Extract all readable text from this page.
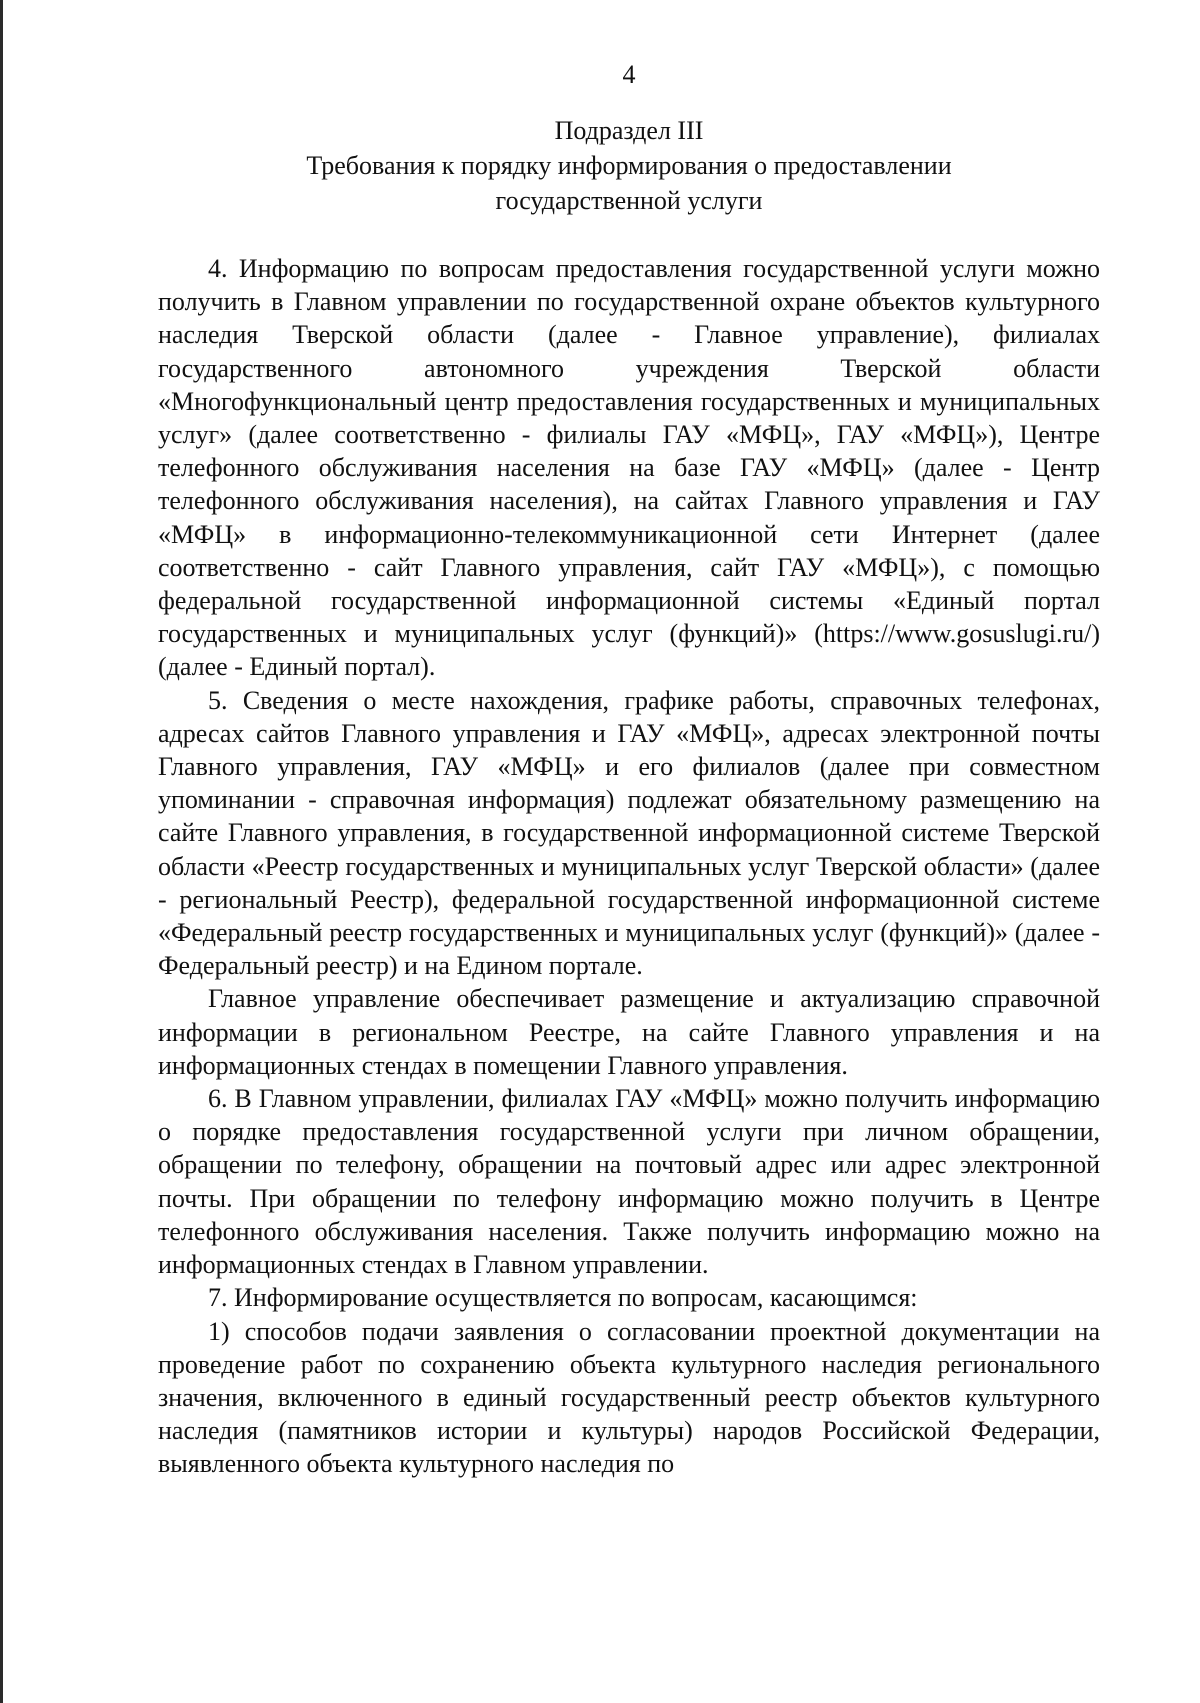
4
Подраздел III
Требования к порядку информирования о предоставлении
государственной услуги

4. Информацию по вопросам предоставления государственной услуги можно получить в Главном управлении по государственной охране объектов культурного наследия Тверской области (далее - Главное управление), филиалах государственного автономного учреждения Тверской области «Многофункциональный центр предоставления государственных и муниципальных услуг» (далее соответственно - филиалы ГАУ «МФЦ», ГАУ «МФЦ»), Центре телефонного обслуживания населения на базе ГАУ «МФЦ» (далее - Центр телефонного обслуживания населения), на сайтах Главного управления и ГАУ «МФЦ» в информационно-телекоммуникационной сети Интернет (далее соответственно - сайт Главного управления, сайт ГАУ «МФЦ»), с помощью федеральной государственной информационной системы «Единый портал государственных и муниципальных услуг (функций)» (https://www.gosuslugi.ru/) (далее - Единый портал).

5. Сведения о месте нахождения, графике работы, справочных телефонах, адресах сайтов Главного управления и ГАУ «МФЦ», адресах электронной почты Главного управления, ГАУ «МФЦ» и его филиалов (далее при совместном упоминании - справочная информация) подлежат обязательному размещению на сайте Главного управления, в государственной информационной системе Тверской области «Реестр государственных и муниципальных услуг Тверской области» (далее - региональный Реестр), федеральной государственной информационной системе «Федеральный реестр государственных и муниципальных услуг (функций)» (далее - Федеральный реестр) и на Едином портале.

Главное управление обеспечивает размещение и актуализацию справочной информации в региональном Реестре, на сайте Главного управления и на информационных стендах в помещении Главного управления.

6. В Главном управлении, филиалах ГАУ «МФЦ» можно получить информацию о порядке предоставления государственной услуги при личном обращении, обращении по телефону, обращении на почтовый адрес или адрес электронной почты. При обращении по телефону информацию можно получить в Центре телефонного обслуживания населения. Также получить информацию можно на информационных стендах в Главном управлении.

7. Информирование осуществляется по вопросам, касающимся:

1) способов подачи заявления о согласовании проектной документации на проведение работ по сохранению объекта культурного наследия регионального значения, включенного в единый государственный реестр объектов культурного наследия (памятников истории и культуры) народов Российской Федерации, выявленного объекта культурного наследия по
